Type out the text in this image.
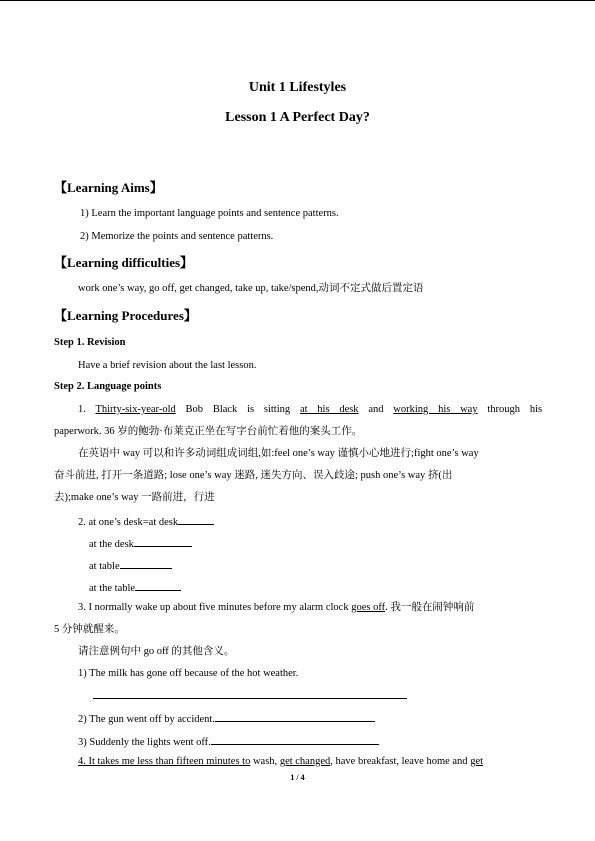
Unit 1 Lifestyles
Lesson 1 A Perfect Day?
【Learning Aims】
1) Learn the important language points and sentence patterns.
2) Memorize the points and sentence patterns.
【Learning difficulties】
work one’s way, go off, get changed, take up, take/spend,动词不定式做后置定语
【Learning Procedures】
Step 1. Revision
Have a brief revision about the last lesson.
Step 2. Language points
1. Thirty-six-year-old Bob Black is sitting at his desk and working his way through his
paperwork. 36 岁的鲍勃·布莱克正坐在写字台前忙着他的案头工作。
在英语中 way 可以和许多动词组成词组,如:feel one’s way 谨慎小心地进行;fight one’s way
奋斗前进, 打开一条道路; lose one’s way 迷路, 迷失方向、误入歧途; push one’s way 挤(出
去);make one’s way 一路前进，行进
2. at one’s desk=at desk
at the desk
at table
at the table
3. I normally wake up about five minutes before my alarm clock goes off. 我一般在闹钟响前
5 分钟就醒来。
请注意例句中 go off 的其他含义。
1) The milk has gone off because of the hot weather.
2) The gun went off by accident.
3) Suddenly the lights went off.
4. It takes me less than fifteen minutes to wash, get changed, have breakfast, leave home and get
1 / 4
